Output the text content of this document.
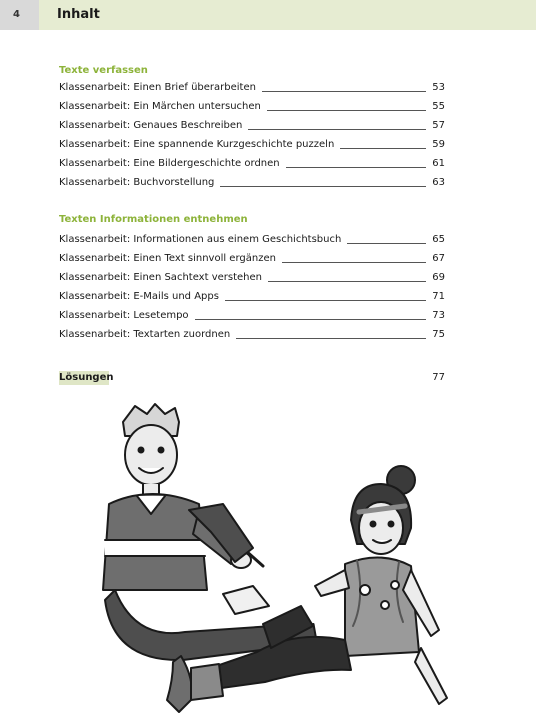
4	Inhalt
Texte verfassen
Klassenarbeit: Einen Brief überarbeiten	53
Klassenarbeit: Ein Märchen untersuchen	55
Klassenarbeit: Genaues Beschreiben	57
Klassenarbeit: Eine spannende Kurzgeschichte puzzeln	59
Klassenarbeit: Eine Bildergeschichte ordnen	61
Klassenarbeit: Buchvorstellung	63
Texten Informationen entnehmen
Klassenarbeit: Informationen aus einem Geschichtsbuch	65
Klassenarbeit: Einen Text sinnvoll ergänzen	67
Klassenarbeit: Einen Sachtext verstehen	69
Klassenarbeit: E-Mails und Apps	71
Klassenarbeit: Lesetempo	73
Klassenarbeit: Textarten zuordnen	75
Lösungen	77
